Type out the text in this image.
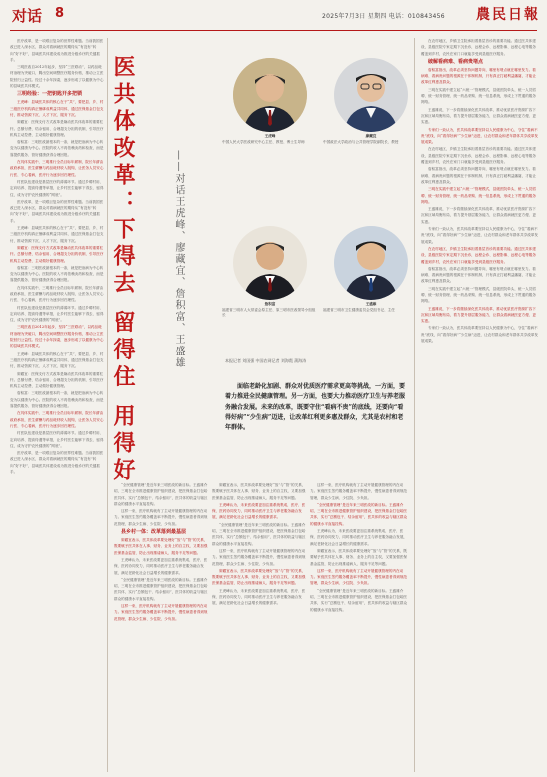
对话 8	2025年7月3日 星期四 电话：010843456 農民日報

医疗改革，是一项艰巨复杂的世界性难题。当前我国医改已进入深水区，群众对看病就医的期待从“有没有”转向“好不好”，县域医共体建设成为推进分级诊疗的关键抓手。

三明医改自2012年起步，坚持“三医联动”，以药品耗材治理为突破口，腾出空间调整医疗服务价格，推动公立医院回归公益性。经过十余年探索，逐步形成了以健康为中心的县域医共体模式。

三明经验：一把钥匙开多把锁

王虎峰：县域医共体的核心在于“共”，要把县、乡、村三级医疗机构真正捆绑成利益共同体，通过医保基金打包支付，推动资源下沉、人才下沉、服务下沉。

廖藏宜：医保支付方式改革是撬动医共体改革的重要杠杆。总额付费、结余留用、合理超支分担的机制，引导医疗机构主动控费、主动做好健康管理。

詹积富：三明医改最根本的一条，就是把治病为中心转变为以健康为中心。医院的收入不再依赖卖药和检查，而是靠提供服务、管好健康获得合理回报。

在具体实践中，三明推行全员目标年薪制，院长年薪由政府承担，医生薪酬与药品耗材收入脱钩，让医务人员安心行医、专心看病，医疗行为逐步回归理性。

村医队伍建设是基层医疗的薄弱环节。通过乡聘村用、定向培养、提高待遇等举措，让乡村医生能够下得去、留得住，成为守护农民健康的“网底”。

医疗改革，是一项艰巨复杂的世界性难题。当前我国医改已进入深水区，群众对看病就医的期待从“有没有”转向“好不好”，县域医共体建设成为推进分级诊疗的关键抓手。

王虎峰：县域医共体的核心在于“共”，要把县、乡、村三级医疗机构真正捆绑成利益共同体，通过医保基金打包支付，推动资源下沉、人才下沉、服务下沉。

廖藏宜：医保支付方式改革是撬动医共体改革的重要杠杆。总额付费、结余留用、合理超支分担的机制，引导医疗机构主动控费、主动做好健康管理。

詹积富：三明医改最根本的一条，就是把治病为中心转变为以健康为中心。医院的收入不再依赖卖药和检查，而是靠提供服务、管好健康获得合理回报。

在具体实践中，三明推行全员目标年薪制，院长年薪由政府承担，医生薪酬与药品耗材收入脱钩，让医务人员安心行医、专心看病，医疗行为逐步回归理性。

村医队伍建设是基层医疗的薄弱环节。通过乡聘村用、定向培养、提高待遇等举措，让乡村医生能够下得去、留得住，成为守护农民健康的“网底”。

三明医改自2012年起步，坚持“三医联动”，以药品耗材治理为突破口，腾出空间调整医疗服务价格，推动公立医院回归公益性。经过十余年探索，逐步形成了以健康为中心的县域医共体模式。

王虎峰：县域医共体的核心在于“共”，要把县、乡、村三级医疗机构真正捆绑成利益共同体，通过医保基金打包支付，推动资源下沉、人才下沉、服务下沉。

廖藏宜：医保支付方式改革是撬动医共体改革的重要杠杆。总额付费、结余留用、合理超支分担的机制，引导医疗机构主动控费、主动做好健康管理。

詹积富：三明医改最根本的一条，就是把治病为中心转变为以健康为中心。医院的收入不再依赖卖药和检查，而是靠提供服务、管好健康获得合理回报。

在具体实践中，三明推行全员目标年薪制，院长年薪由政府承担，医生薪酬与药品耗材收入脱钩，让医务人员安心行医、专心看病，医疗行为逐步回归理性。

村医队伍建设是基层医疗的薄弱环节。通过乡聘村用、定向培养、提高待遇等举措，让乡村医生能够下得去、留得住，成为守护农民健康的“网底”。

医疗改革，是一项艰巨复杂的世界性难题。当前我国医改已进入深水区，群众对看病就医的期待从“有没有”转向“好不好”，县域医共体建设成为推进分级诊疗的关键抓手。	医共体改革：下得去 留得住 用得好	——对话王虎峰、廖藏宜、詹积富、王盛雄
王虎峰
中国人民大学医改研究中心主任、教授、博士生导师
廖藏宜
中国政法大学政治与公共管理学院副院长、教授
詹积富
福建省三明市人大常委会原主任、原三明市医改领导小组组长
王盛雄
福建省三明市卫生健康委员会党组书记、主任
本报记者 刘国强 中国农网记者 刘海霞 蒲海涛
面临老龄化加剧、群众对优质医疗需求更高等挑战，一方面，要着力推进全民健康管理。另一方面，也要大力推动医疗卫生与养老服务融合发展。未来的改革，既要守住“看病不贵”的底线，还要向“看得好病”“少生病”迈进，让改革红利更多惠及群众，尤其是农村和老年群体。

“全民健康管理”是近年来三明医改的新目标。王盛雄介绍，三明在全市推进健康管护组织建设，把医保基金打包给医共体，实行“总额包干、结余留用”，医共体的收益与辖区群众的健康水平直接挂钩。

这样一来，医疗机构就有了主动开展健康管理的内在动力。家庭医生签约服务覆盖率不断提升，慢性病患者得到规范管理，群众少生病、少住院、少负担。

县乡村一体：改革落到最基层

廖藏宜表示，医共体改革要处理好“放”与“管”的关系，既要赋予医共体在人事、财务、业务上的自主权，又要加强医保基金监管，防止出现推诿病人、服务不足等问题。

王虎峰认为，未来医改要更加注重系统集成，医疗、医保、医药协同发力，同时推动医疗卫生与养老服务融合发展，满足老龄化社会日益增长的健康需求。

“全民健康管理”是近年来三明医改的新目标。王盛雄介绍，三明在全市推进健康管护组织建设，把医保基金打包给医共体，实行“总额包干、结余留用”，医共体的收益与辖区群众的健康水平直接挂钩。

这样一来，医疗机构就有了主动开展健康管理的内在动力。家庭医生签约服务覆盖率不断提升，慢性病患者得到规范管理，群众少生病、少住院、少负担。

廖藏宜表示，医共体改革要处理好“放”与“管”的关系，既要赋予医共体在人事、财务、业务上的自主权，又要加强医保基金监管，防止出现推诿病人、服务不足等问题。

王虎峰认为，未来医改要更加注重系统集成，医疗、医保、医药协同发力，同时推动医疗卫生与养老服务融合发展，满足老龄化社会日益增长的健康需求。

“全民健康管理”是近年来三明医改的新目标。王盛雄介绍，三明在全市推进健康管护组织建设，把医保基金打包给医共体，实行“总额包干、结余留用”，医共体的收益与辖区群众的健康水平直接挂钩。

这样一来，医疗机构就有了主动开展健康管理的内在动力。家庭医生签约服务覆盖率不断提升，慢性病患者得到规范管理，群众少生病、少住院、少负担。

廖藏宜表示，医共体改革要处理好“放”与“管”的关系，既要赋予医共体在人事、财务、业务上的自主权，又要加强医保基金监管，防止出现推诿病人、服务不足等问题。

王虎峰认为，未来医改要更加注重系统集成，医疗、医保、医药协同发力，同时推动医疗卫生与养老服务融合发展，满足老龄化社会日益增长的健康需求。

这样一来，医疗机构就有了主动开展健康管理的内在动力。家庭医生签约服务覆盖率不断提升，慢性病患者得到规范管理，群众少生病、少住院、少负担。

“全民健康管理”是近年来三明医改的新目标。王盛雄介绍，三明在全市推进健康管护组织建设，把医保基金打包给医共体，实行“总额包干、结余留用”，医共体的收益与辖区群众的健康水平直接挂钩。

王虎峰认为，未来医改要更加注重系统集成，医疗、医保、医药协同发力，同时推动医疗卫生与养老服务融合发展，满足老龄化社会日益增长的健康需求。

廖藏宜表示，医共体改革要处理好“放”与“管”的关系，既要赋予医共体在人事、财务、业务上的自主权，又要加强医保基金监管，防止出现推诿病人、服务不足等问题。

这样一来，医疗机构就有了主动开展健康管理的内在动力。家庭医生签约服务覆盖率不断提升，慢性病患者得到规范管理，群众少生病、少住院、少负担。

“全民健康管理”是近年来三明医改的新目标。王盛雄介绍，三明在全市推进健康管护组织建设，把医保基金打包给医共体，实行“总额包干、结余留用”，医共体的收益与辖区群众的健康水平直接挂钩。

在农村地区，乡镇卫生院承担着基层首诊的重要功能。通过医共体建设，县级医院专家定期下沉坐诊，远程会诊、远程影像、远程心电等服务覆盖到乡村，农民在家门口就能享受到县级医疗服务。

破解看病难、看病贵堵点

詹积富指出，改革必须坚持问题导向，哪里有堵点就在哪里发力。看病难、看病贵问题的根源在于体制机制，只有真正打破利益藩篱，才能让改革红利惠及群众。

三明在实践中建立起“六统一”管理模式，县级医院牵头，统一人员招聘、统一财务管理、统一药品采购、统一信息系统，形成上下贯通的服务网络。

王盛雄说，下一步将继续深化医共体改革，推动优质医疗资源扩容下沉和区域均衡布局，着力提升基层服务能力，让群众看病就医更方便、更实惠。

专家们一致认为，医共体改革要坚持以人民健康为中心，守住“看病不贵”底线，向“看得好病”“少生病”迈进，让农村群众和老年群体共享改革发展成果。

在农村地区，乡镇卫生院承担着基层首诊的重要功能。通过医共体建设，县级医院专家定期下沉坐诊，远程会诊、远程影像、远程心电等服务覆盖到乡村，农民在家门口就能享受到县级医疗服务。

詹积富指出，改革必须坚持问题导向，哪里有堵点就在哪里发力。看病难、看病贵问题的根源在于体制机制，只有真正打破利益藩篱，才能让改革红利惠及群众。

三明在实践中建立起“六统一”管理模式，县级医院牵头，统一人员招聘、统一财务管理、统一药品采购、统一信息系统，形成上下贯通的服务网络。

王盛雄说，下一步将继续深化医共体改革，推动优质医疗资源扩容下沉和区域均衡布局，着力提升基层服务能力，让群众看病就医更方便、更实惠。

专家们一致认为，医共体改革要坚持以人民健康为中心，守住“看病不贵”底线，向“看得好病”“少生病”迈进，让农村群众和老年群体共享改革发展成果。

在农村地区，乡镇卫生院承担着基层首诊的重要功能。通过医共体建设，县级医院专家定期下沉坐诊，远程会诊、远程影像、远程心电等服务覆盖到乡村，农民在家门口就能享受到县级医疗服务。

詹积富指出，改革必须坚持问题导向，哪里有堵点就在哪里发力。看病难、看病贵问题的根源在于体制机制，只有真正打破利益藩篱，才能让改革红利惠及群众。

三明在实践中建立起“六统一”管理模式，县级医院牵头，统一人员招聘、统一财务管理、统一药品采购、统一信息系统，形成上下贯通的服务网络。

王盛雄说，下一步将继续深化医共体改革，推动优质医疗资源扩容下沉和区域均衡布局，着力提升基层服务能力，让群众看病就医更方便、更实惠。

专家们一致认为，医共体改革要坚持以人民健康为中心，守住“看病不贵”底线，向“看得好病”“少生病”迈进，让农村群众和老年群体共享改革发展成果。
